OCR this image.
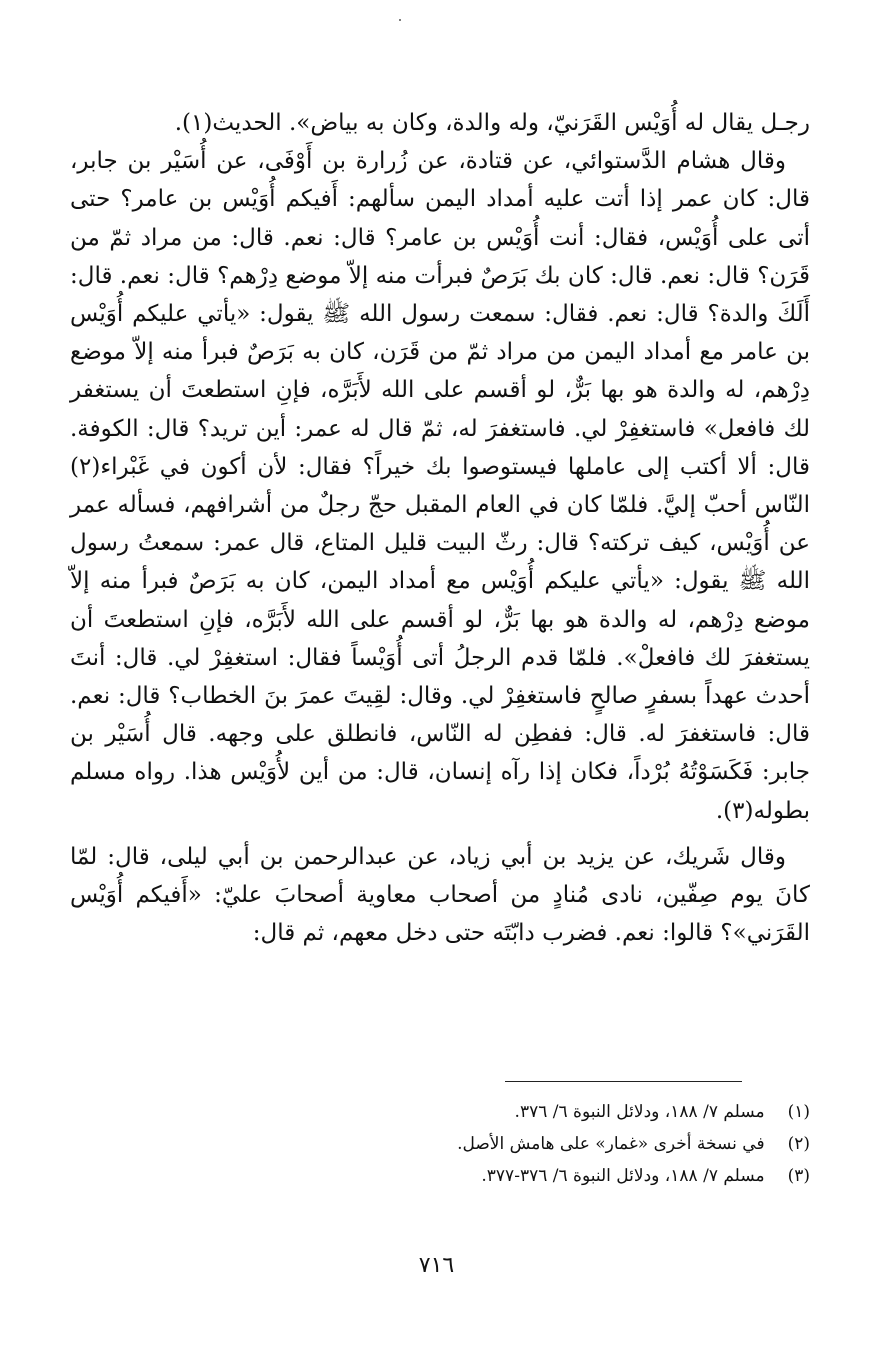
رجـل يقال له أُوَيْس القَرَنيّ، وله والدة، وكان به بياض». الحديث(١).

وقال هشام الدَّستوائي، عن قتادة، عن زُرارة بن أَوْفَى، عن أُسَيْر بن جابر، قال: كان عمر إذا أتت عليه أمداد اليمن سألهم: أَفيكم أُوَيْس بن عامر؟ حتى أتى على أُوَيْس، فقال: أنت أُوَيْس بن عامر؟ قال: نعم. قال: من مراد ثمّ من قَرَن؟ قال: نعم. قال: كان بك بَرَصٌ فبرأت منه إلاّ موضع دِرْهم؟ قال: نعم. قال: أَلَكَ والدة؟ قال: نعم. فقال: سمعت رسول الله ﷺ يقول: «يأتي عليكم أُوَيْس بن عامر مع أمداد اليمن من مراد ثمّ من قَرَن، كان به بَرَصٌ فبرأ منه إلاّ موضع دِرْهم، له والدة هو بها بَرٌّ، لو أقسم على الله لأَبَرَّه، فإنِ استطعتَ أن يستغفر لك فافعل» فاستغفِرْ لي. فاستغفرَ له، ثمّ قال له عمر: أين تريد؟ قال: الكوفة. قال: ألا أكتب إلى عاملها فيستوصوا بك خيراً؟ فقال: لأن أكون في غَبْراء(٢) النّاس أحبّ إليَّ. فلمّا كان في العام المقبل حجّ رجلٌ من أشرافهم، فسأله عمر عن أُوَيْس، كيف تركته؟ قال: رثّ البيت قليل المتاع، قال عمر: سمعتُ رسول الله ﷺ يقول: «يأتي عليكم أُوَيْس مع أمداد اليمن، كان به بَرَصٌ فبرأ منه إلاّ موضع دِرْهم، له والدة هو بها بَرٌّ، لو أقسم على الله لأَبَرَّه، فإنِ استطعتَ أن يستغفرَ لك فافعلْ». فلمّا قدم الرجلُ أتى أُوَيْساً فقال: استغفِرْ لي. قال: أنتَ أحدث عهداً بسفرٍ صالحٍ فاستغفِرْ لي. وقال: لقِيتَ عمرَ بنَ الخطاب؟ قال: نعم. قال: فاستغفرَ له. قال: ففطِن له النّاس، فانطلق على وجهه. قال أُسَيْر بن جابر: فَكَسَوْتُهُ بُرْداً، فكان إذا رآه إنسان، قال: من أين لأُوَيْس هذا. رواه مسلم بطوله(٣).

وقال شَريك، عن يزيد بن أبي زياد، عن عبدالرحمن بن أبي ليلى، قال: لمّا كانَ يوم صِفّين، نادى مُنادٍ من أصحاب معاوية أصحابَ عليّ: «أَفيكم أُوَيْس القَرَني»؟ قالوا: نعم. فضرب دابّتَه حتى دخل معهم، ثم قال:

(١) مسلم ٧/ ١٨٨، ودلائل النبوة ٦/ ٣٧٦.
(٢) في نسخة أخرى «غمار» على هامش الأصل.
(٣) مسلم ٧/ ١٨٨، ودلائل النبوة ٦/ ٣٧٦-٣٧٧.
٧١٦
